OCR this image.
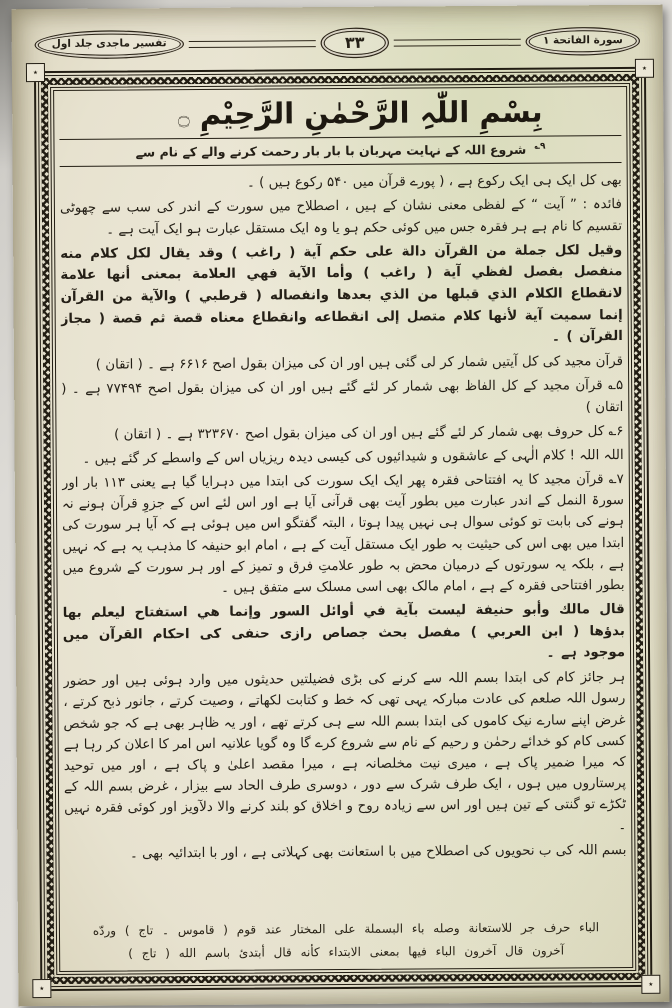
سورة الفاتحة ١
۳۳
تفسير ماجدى جلد اول
٭	٭
٭	٭
بِسْمِ اللّٰہِ الرَّحْمٰنِ الرَّحِیْمِ ۝
$^{۹؎}$ شروع اللہ کے نہایت مہربان با بار بار رحمت کرنے والے کے نام سے

بھی کل ایک ہی ایک رکوع ہے ، ( پورے قرآن میں ۵۴۰ رکوع ہیں ) ۔

فائدہ : ” آیت “ کے لفظی معنی نشان کے ہیں ، اصطلاح میں سورت کے اندر کی سب سے چھوٹی تقسیم کا نام ہے ہر فقرہ جس میں کوئی حکم ہو یا وہ ایک مستقل عبارت ہو ایک آیت ہے ۔

وقيل لكل جملة من القرآن دالة على حكم آية ( راغب ) وقد يقال لكل كلام منه منفصل بفصل لفظي آية ( راغب ) وأما الآية فهي العلامة بمعنى أنها علامة لانقطاع الكلام الذي قبلها من الذي بعدها وانفصاله ( قرطبي ) والآية من القرآن إنما سميت آية لأنها كلام متصل إلى انقطاعه وانقطاع معناه قصة ثم قصة ( مجاز القرآن ) ۔

قرآن مجید کی کل آیتیں شمار کر لی گئی ہیں اور ان کی میزان بقول اصح ۶۶۱۶ ہے ۔ ( اتقان )

۵؎ قرآن مجید کے کل الفاظ بھی شمار کر لئے گئے ہیں اور ان کی میزان بقول اصح ۷۷۴۹۴ ہے ۔ ( اتقان )

۶؎ کل حروف بھی شمار کر لئے گئے ہیں اور ان کی میزان بقول اصح ۳۲۳۶۷۰ ہے ۔ ( اتقان )

اللہ اللہ ! کلام الٰہی کے عاشقوں و شیدائیوں کی کیسی دیدہ ریزیاں اس کے واسطے کر گئے ہیں ۔

۷؎ قرآن مجید کا یہ افتتاحی فقرہ پھر ایک ایک سورت کی ابتدا میں دہرایا گیا ہے یعنی ۱۱۳ بار اور سورۃ النمل کے اندر عبارت میں بطور آیت بھی قرآنی آیا ہے اور اس لئے اس کے جزوِ قرآن ہونے نہ ہونے کی بابت تو کوئی سوال ہی نہیں پیدا ہوتا ، البتہ گفتگو اس میں ہوئی ہے کہ آیا ہر سورت کی ابتدا میں بھی اس کی حیثیت بہ طور ایک مستقل آیت کے ہے ، امام ابو حنیفہ کا مذہب یہ ہے کہ نہیں ہے ، بلکہ یہ سورتوں کے درمیان محض بہ طور علامتِ فرق و تمیز کے اور ہر سورت کے شروع میں بطور افتتاحی فقرہ کے ہے ، امام مالک بھی اسی مسلک سے متفق ہیں ۔

قال مالك وأبو حنيفة ليست بآية في أوائل السور وإنما هي استفتاح ليعلم بها بدؤها ( ابن العربي ) مفصل بحث جصاص رازی حنفی کی احکام القرآن میں موجود ہے ۔

ہر جائز کام کی ابتدا بسم اللہ سے کرنے کی بڑی فضیلتیں حدیثوں میں وارد ہوئی ہیں اور حضور رسول اللہ صلعم کی عادت مبارکہ یہی تھی کہ خط و کتابت لکھاتے ، وصیت کرتے ، جانور ذبح کرتے ، غرض اپنے سارے نیک کاموں کی ابتدا بسم اللہ سے ہی کرتے تھے ، اور یہ ظاہر بھی ہے کہ جو شخص کسی کام کو خدائے رحمٰن و رحیم کے نام سے شروع کرے گا وہ گویا علانیہ اس امر کا اعلان کر رہا ہے کہ میرا ضمیر پاک ہے ، میری نیت مخلصانہ ہے ، میرا مقصد اعلیٰ و پاک ہے ، اور میں توحید پرستاروں میں ہوں ، ایک طرف شرک سے دور ، دوسری طرف الحاد سے بیزار ، غرض بسم اللہ کے ٹکڑے تو گنتی کے تین ہیں اور اس سے زیادہ روح و اخلاق کو بلند کرنے والا دلآویز اور کوئی فقرہ نہیں ۔

بسم اللہ کی ب نحویوں کی اصطلاح میں با استعانت بھی کہلاتی ہے ، اور با ابتدائیہ بھی ۔

الباء حرف جر للاستعانة وصله باء البسملة على المختار عند قوم ( قاموس ۔ تاج ) وردّه

آخرون قال آخرون الباء فيها بمعنى الابتداء كأنه قال أبتدئ باسم الله ( تاج )
